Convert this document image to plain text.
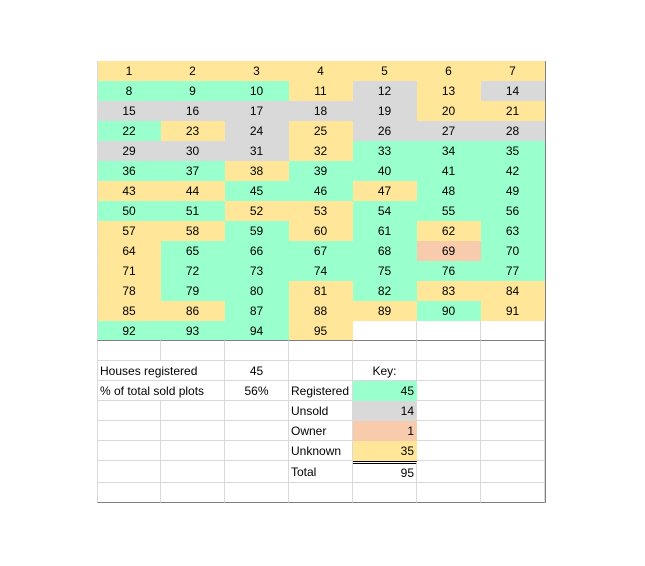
1	2	3	4	5	6	7
8	9	10	11	12	13	14
15	16	17	18	19	20	21
22	23	24	25	26	27	28
29	30	31	32	33	34	35
36	37	38	39	40	41	42
43	44	45	46	47	48	49
50	51	52	53	54	55	56
57	58	59	60	61	62	63
64	65	66	67	68	69	70
71	72	73	74	75	76	77
78	79	80	81	82	83	84
85	86	87	88	89	90	91
92	93	94	95
Houses registered	45	Key:
% of total sold plots	56%	Registered	45
Unsold	14
Owner	1
Unknown	35
Total	95
